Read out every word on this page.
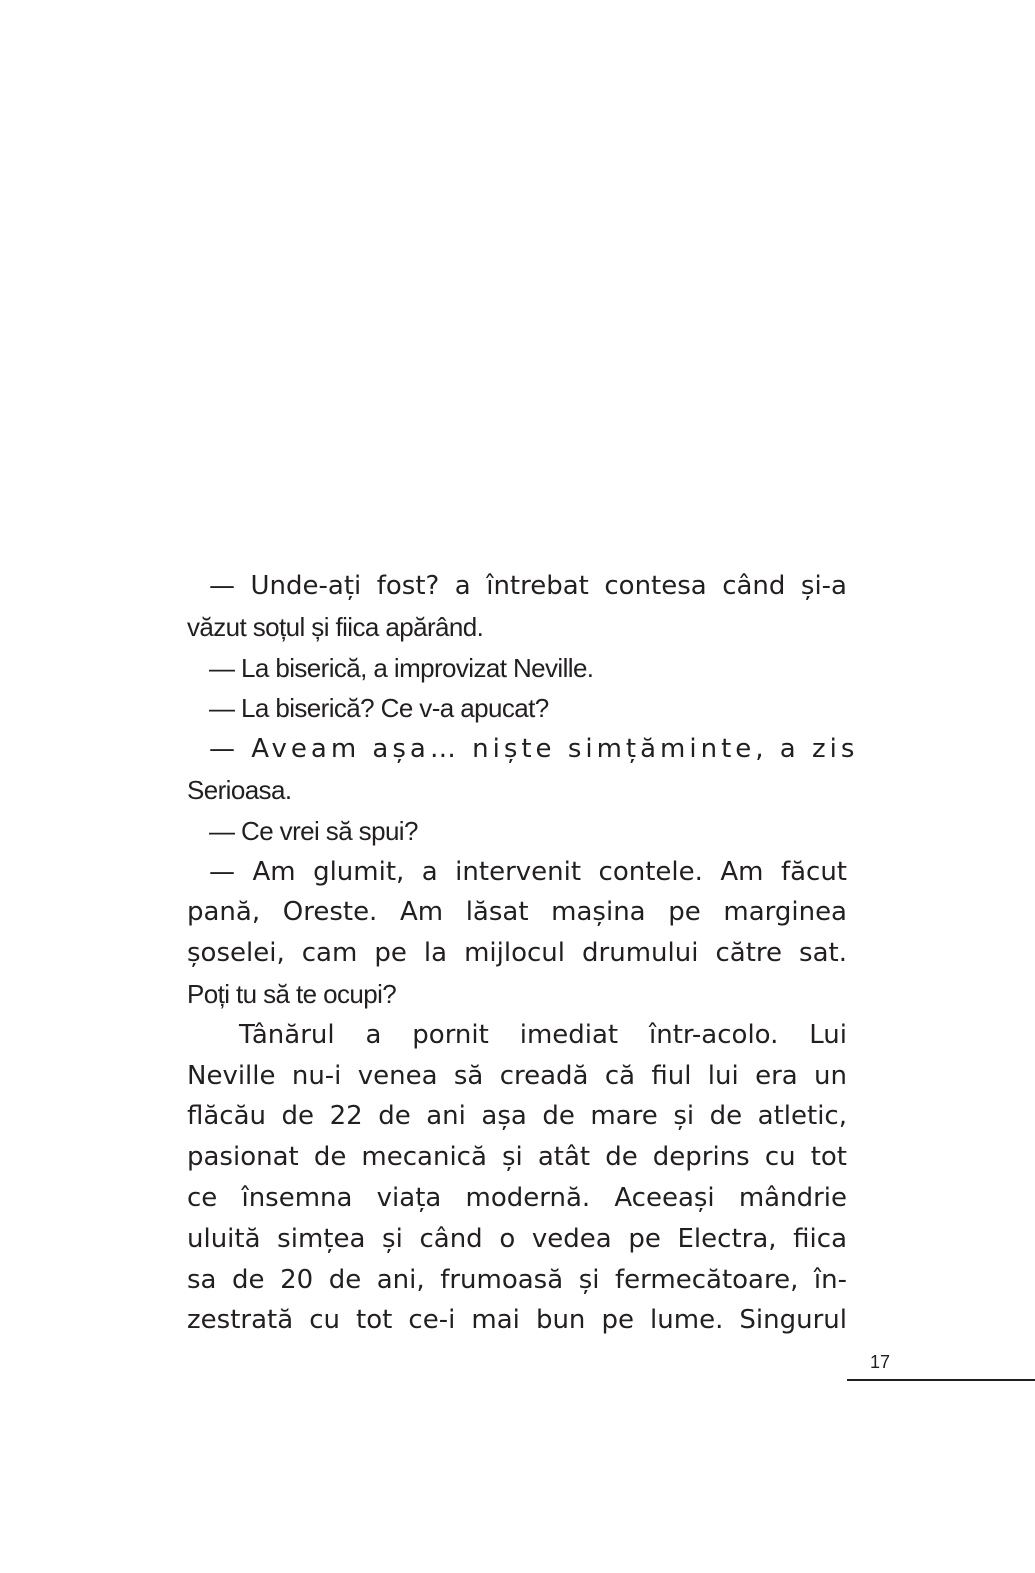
— Unde-ați fost? a întrebat contesa când și-a
văzut soțul și fiica apărând.
— La biserică, a improvizat Neville.
— La biserică? Ce v-a apucat?
— Aveam așa… niște simțăminte, a zis
Serioasa.
— Ce vrei să spui?
— Am glumit, a intervenit contele. Am făcut
pană, Oreste. Am lăsat mașina pe marginea
șoselei, cam pe la mijlocul drumului către sat.
Poți tu să te ocupi?
Tânărul a pornit imediat într-acolo. Lui
Neville nu-i venea să creadă că fiul lui era un
flăcău de 22 de ani așa de mare și de atletic,
pasionat de mecanică și atât de deprins cu tot
ce însemna viața modernă. Aceeași mândrie
uluită simțea și când o vedea pe Electra, fiica
sa de 20 de ani, frumoasă și fermecătoare, în-
zestrată cu tot ce-i mai bun pe lume. Singurul
17
